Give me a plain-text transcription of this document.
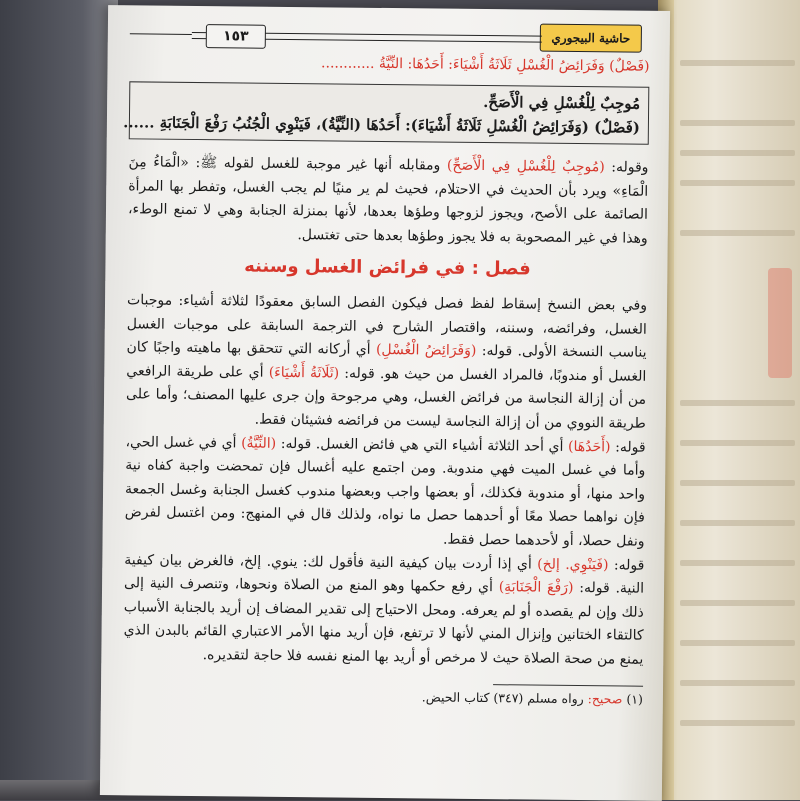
حاشية البيجوري
١٥٣
(فَصْلٌ) وَفَرَائِضُ الْغُسْلِ ثَلَاثَةُ أَشْيَاءَ: أَحَدُهَا: النِّيَّةُ ............

مُوجِبٌ لِلْغُسْلِ فِي الْأَصَحِّ.

(فَصْلٌ) (وَفَرَائِضُ الْغُسْلِ ثَلَاثَةُ أَشْيَاءَ): أَحَدُهَا (النِّيَّةُ)، فَيَنْوِي الْجُنُبُ رَفْعَ الْجَنَابَةِ ......

وقوله: (مُوجِبٌ لِلْغُسْلِ فِي الْأَصَحِّ) ومقابله أنها غير موجبة للغسل لقوله ﷺ: «الْمَاءُ مِنَ الْمَاءِ» ويرد بأن الحديث في الاحتلام، فحيث لم ير منيًا لم يجب الغسل، وتفطر بها المرأة الصائمة على الأصح، ويجوز لزوجها وطؤها بعدها، لأنها بمنزلة الجنابة وهي لا تمنع الوطء، وهذا في غير المصحوبة به فلا يجوز وطؤها بعدها حتى تغتسل.

فصل : في فرائض الغسل وسننه

وفي بعض النسخ إسقاط لفظ فصل فيكون الفصل السابق معقودًا لثلاثة أشياء: موجبات الغسل، وفرائضه، وسننه، واقتصار الشارح في الترجمة السابقة على موجبات الغسل يناسب النسخة الأولى. قوله: (وَفَرَائِضُ الْغُسْلِ) أي أركانه التي تتحقق بها ماهيته واجبًا كان الغسل أو مندوبًا، فالمراد الغسل من حيث هو. قوله: (ثَلَاثَةُ أَشْيَاءَ) أي على طريقة الرافعي من أن إزالة النجاسة من فرائض الغسل، وهي مرجوحة وإن جرى عليها المصنف؛ وأما على طريقة النووي من أن إزالة النجاسة ليست من فرائضه فشيئان فقط.

قوله: (أَحَدُهَا) أي أحد الثلاثة أشياء التي هي فائض الغسل. قوله: (النِّيَّةُ) أي في غسل الحي، وأما في غسل الميت فهي مندوبة. ومن اجتمع عليه أغسال فإن تمحضت واجبة كفاه نية واحد منها، أو مندوبة فكذلك، أو بعضها واجب وبعضها مندوب كغسل الجنابة وغسل الجمعة فإن نواهما حصلا معًا أو أحدهما حصل ما نواه، ولذلك قال في المنهج: ومن اغتسل لفرض ونفل حصلا، أو لأحدهما حصل فقط.

قوله: (فَيَنْوِي. إلخ) أي إذا أردت بيان كيفية النية فأقول لك: ينوي. إلخ، فالغرض بيان كيفية النية. قوله: (رَفْعَ الْجَنَابَةِ) أي رفع حكمها وهو المنع من الصلاة ونحوها، وتنصرف النية إلى ذلك وإن لم يقصده أو لم يعرفه. ومحل الاحتياج إلى تقدير المضاف إن أريد بالجنابة الأسباب كالتقاء الختانين وإنزال المني لأنها لا ترتفع، فإن أريد منها الأمر الاعتباري القائم بالبدن الذي يمنع من صحة الصلاة حيث لا مرخص أو أريد بها المنع نفسه فلا حاجة لتقديره.

(١) صحيح: رواه مسلم (٣٤٧) كتاب الحيض.
